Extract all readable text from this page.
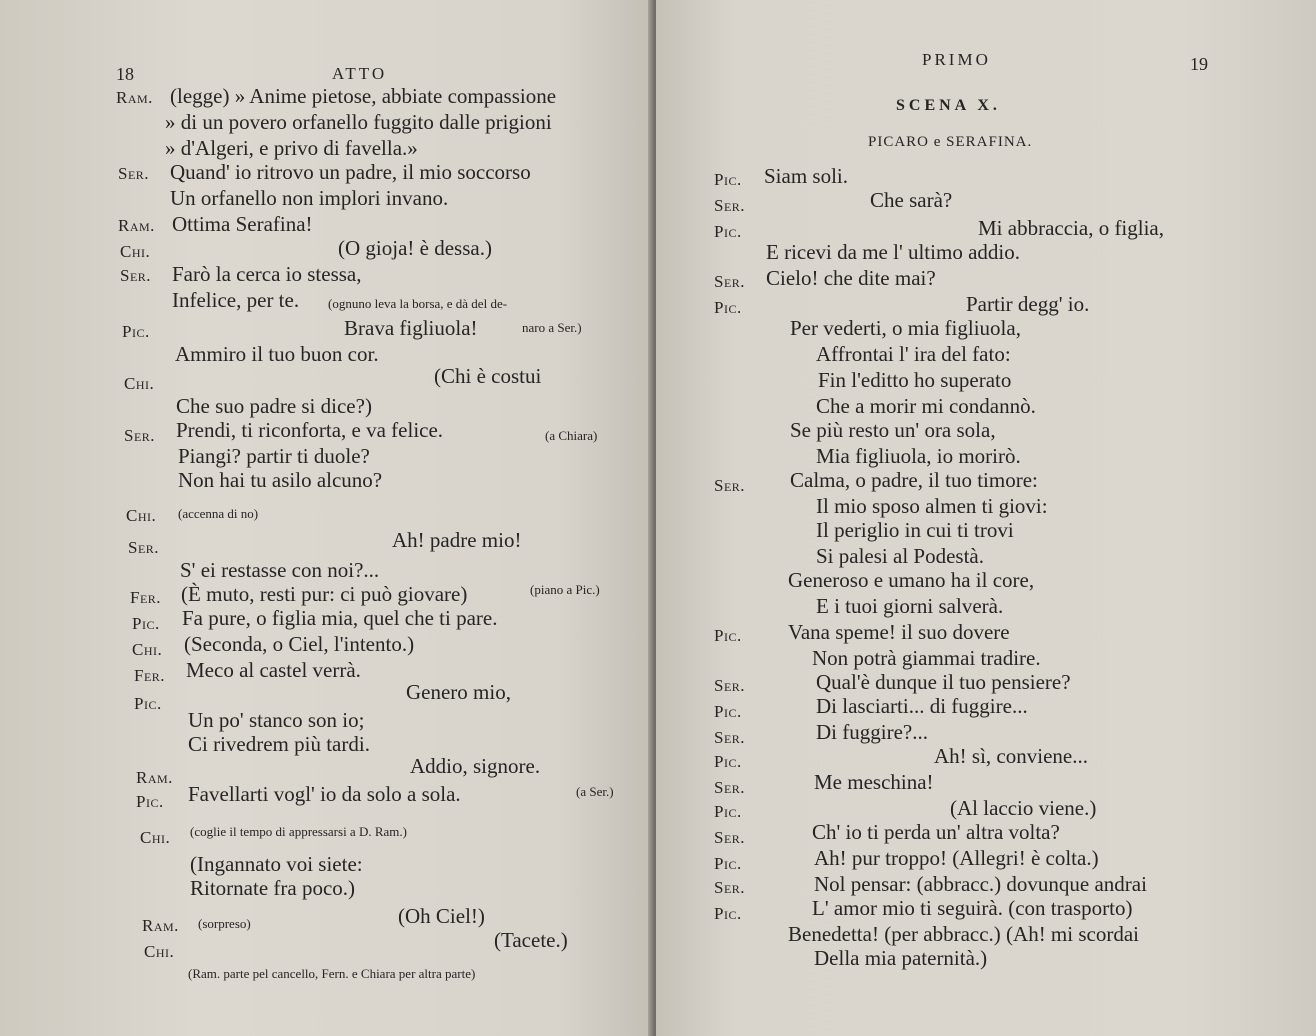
18	ATTO
Ram. (legge) » Anime pietose, abbiate compassione
» di un povero orfanello fuggito dalle prigioni
» d'Algeri, e privo di favella.»
Ser. Quand' io ritrovo un padre, il mio soccorso
Un orfanello non implori invano.
Ram. Ottima Serafina!
Chi.	(O gioja! è dessa.)
Ser. Farò la cerca io stessa,
Infelice, per te. (ognuno leva la borsa, e dà del de-
Pic.	Brava figliuola!	naro a Ser.)
Ammiro il tuo buon cor.
Chi.	(Chi è costui
Che suo padre si dice?)
Ser. Prendi, ti riconforta, e va felice.	(a Chiara)
Piangi? partir ti duole?
Non hai tu asilo alcuno?
Chi. (accenna di no)
Ser.	Ah! padre mio!
S' ei restasse con noi?...
Fer. (È muto, resti pur: ci può giovare)	(piano a Pic.)
Pic. Fa pure, o figlia mia, quel che ti pare.
Chi. (Seconda, o Ciel, l'intento.)
Fer. Meco al castel verrà.
Pic.	Genero mio,
Un po' stanco son io;
Ci rivedrem più tardi.
Ram.	Addio, signore.
Pic. Favellarti vogl' io da solo a sola.	(a Ser.)
Chi. (coglie il tempo di appressarsi a D. Ram.)
(Ingannato voi siete:
Ritornate fra poco.)
Ram. (sorpreso)	(Oh Ciel!)
Chi.	(Tacete.)
(Ram. parte pel cancello, Fern. e Chiara per altra parte)
PRIMO	19
SCENA X.
PICARO e SERAFINA.
Pic. Siam soli.
Ser.	Che sarà?
Pic.	Mi abbraccia, o figlia,
E ricevi da me l' ultimo addio.
Ser. Cielo! che dite mai?
Pic.	Partir degg' io.
Per vederti, o mia figliuola,
Affrontai l' ira del fato:
Fin l'editto ho superato
Che a morir mi condannò.
Se più resto un' ora sola,
Mia figliuola, io morirò.
Ser. Calma, o padre, il tuo timore:
Il mio sposo almen ti giovi:
Il periglio in cui ti trovi
Si palesi al Podestà.
Generoso e umano ha il core,
E i tuoi giorni salverà.
Pic. Vana speme! il suo dovere
Non potrà giammai tradire.
Ser.	Qual'è dunque il tuo pensiere?
Pic.	Di lasciarti... di fuggire...
Ser.	Di fuggire?...
Pic.	Ah! sì, conviene...
Ser.	Me meschina!
Pic.	(Al laccio viene.)
Ser.	Ch' io ti perda un' altra volta?
Pic.	Ah! pur troppo! (Allegri! è colta.)
Ser.	Nol pensar: (abbracc.) dovunque andrai
Pic.	L' amor mio ti seguirà. (con trasporto)
Benedetta! (per abbracc.) (Ah! mi scordai
Della mia paternità.)
